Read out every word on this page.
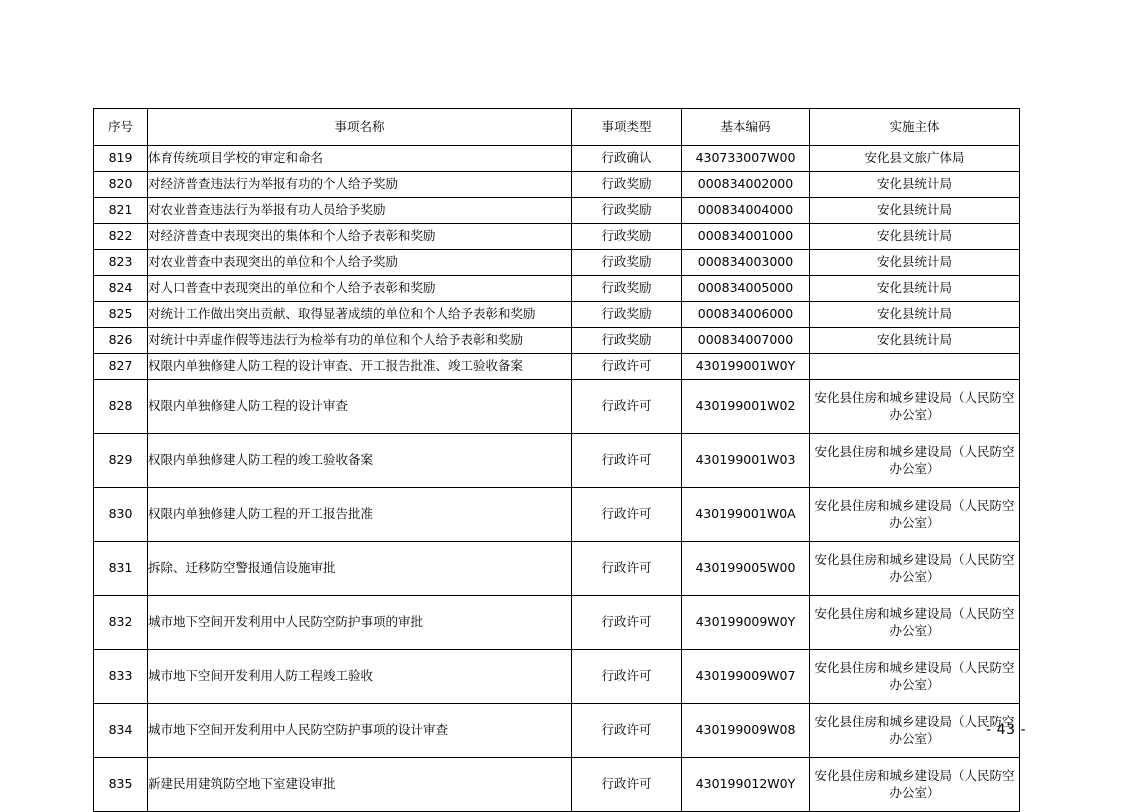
序号	事项名称	事项类型	基本编码	实施主体
819	体育传统项目学校的审定和命名	行政确认	430733007W00	安化县文旅广体局
820	对经济普查违法行为举报有功的个人给予奖励	行政奖励	000834002000	安化县统计局
821	对农业普查违法行为举报有功人员给予奖励	行政奖励	000834004000	安化县统计局
822	对经济普查中表现突出的集体和个人给予表彰和奖励	行政奖励	000834001000	安化县统计局
823	对农业普查中表现突出的单位和个人给予奖励	行政奖励	000834003000	安化县统计局
824	对人口普查中表现突出的单位和个人给予表彰和奖励	行政奖励	000834005000	安化县统计局
825	对统计工作做出突出贡献、取得显著成绩的单位和个人给予表彰和奖励	行政奖励	000834006000	安化县统计局
826	对统计中弄虚作假等违法行为检举有功的单位和个人给予表彰和奖励	行政奖励	000834007000	安化县统计局
827	权限内单独修建人防工程的设计审查、开工报告批准、竣工验收备案	行政许可	430199001W0Y	
828	权限内单独修建人防工程的设计审查	行政许可	430199001W02	安化县住房和城乡建设局（人民防空办公室）
829	权限内单独修建人防工程的竣工验收备案	行政许可	430199001W03	安化县住房和城乡建设局（人民防空办公室）
830	权限内单独修建人防工程的开工报告批准	行政许可	430199001W0A	安化县住房和城乡建设局（人民防空办公室）
831	拆除、迁移防空警报通信设施审批	行政许可	430199005W00	安化县住房和城乡建设局（人民防空办公室）
832	城市地下空间开发利用中人民防空防护事项的审批	行政许可	430199009W0Y	安化县住房和城乡建设局（人民防空办公室）
833	城市地下空间开发利用人防工程竣工验收	行政许可	430199009W07	安化县住房和城乡建设局（人民防空办公室）
834	城市地下空间开发利用中人民防空防护事项的设计审查	行政许可	430199009W08	安化县住房和城乡建设局（人民防空办公室）
835	新建民用建筑防空地下室建设审批	行政许可	430199012W0Y	安化县住房和城乡建设局（人民防空办公室）
- 43 -
